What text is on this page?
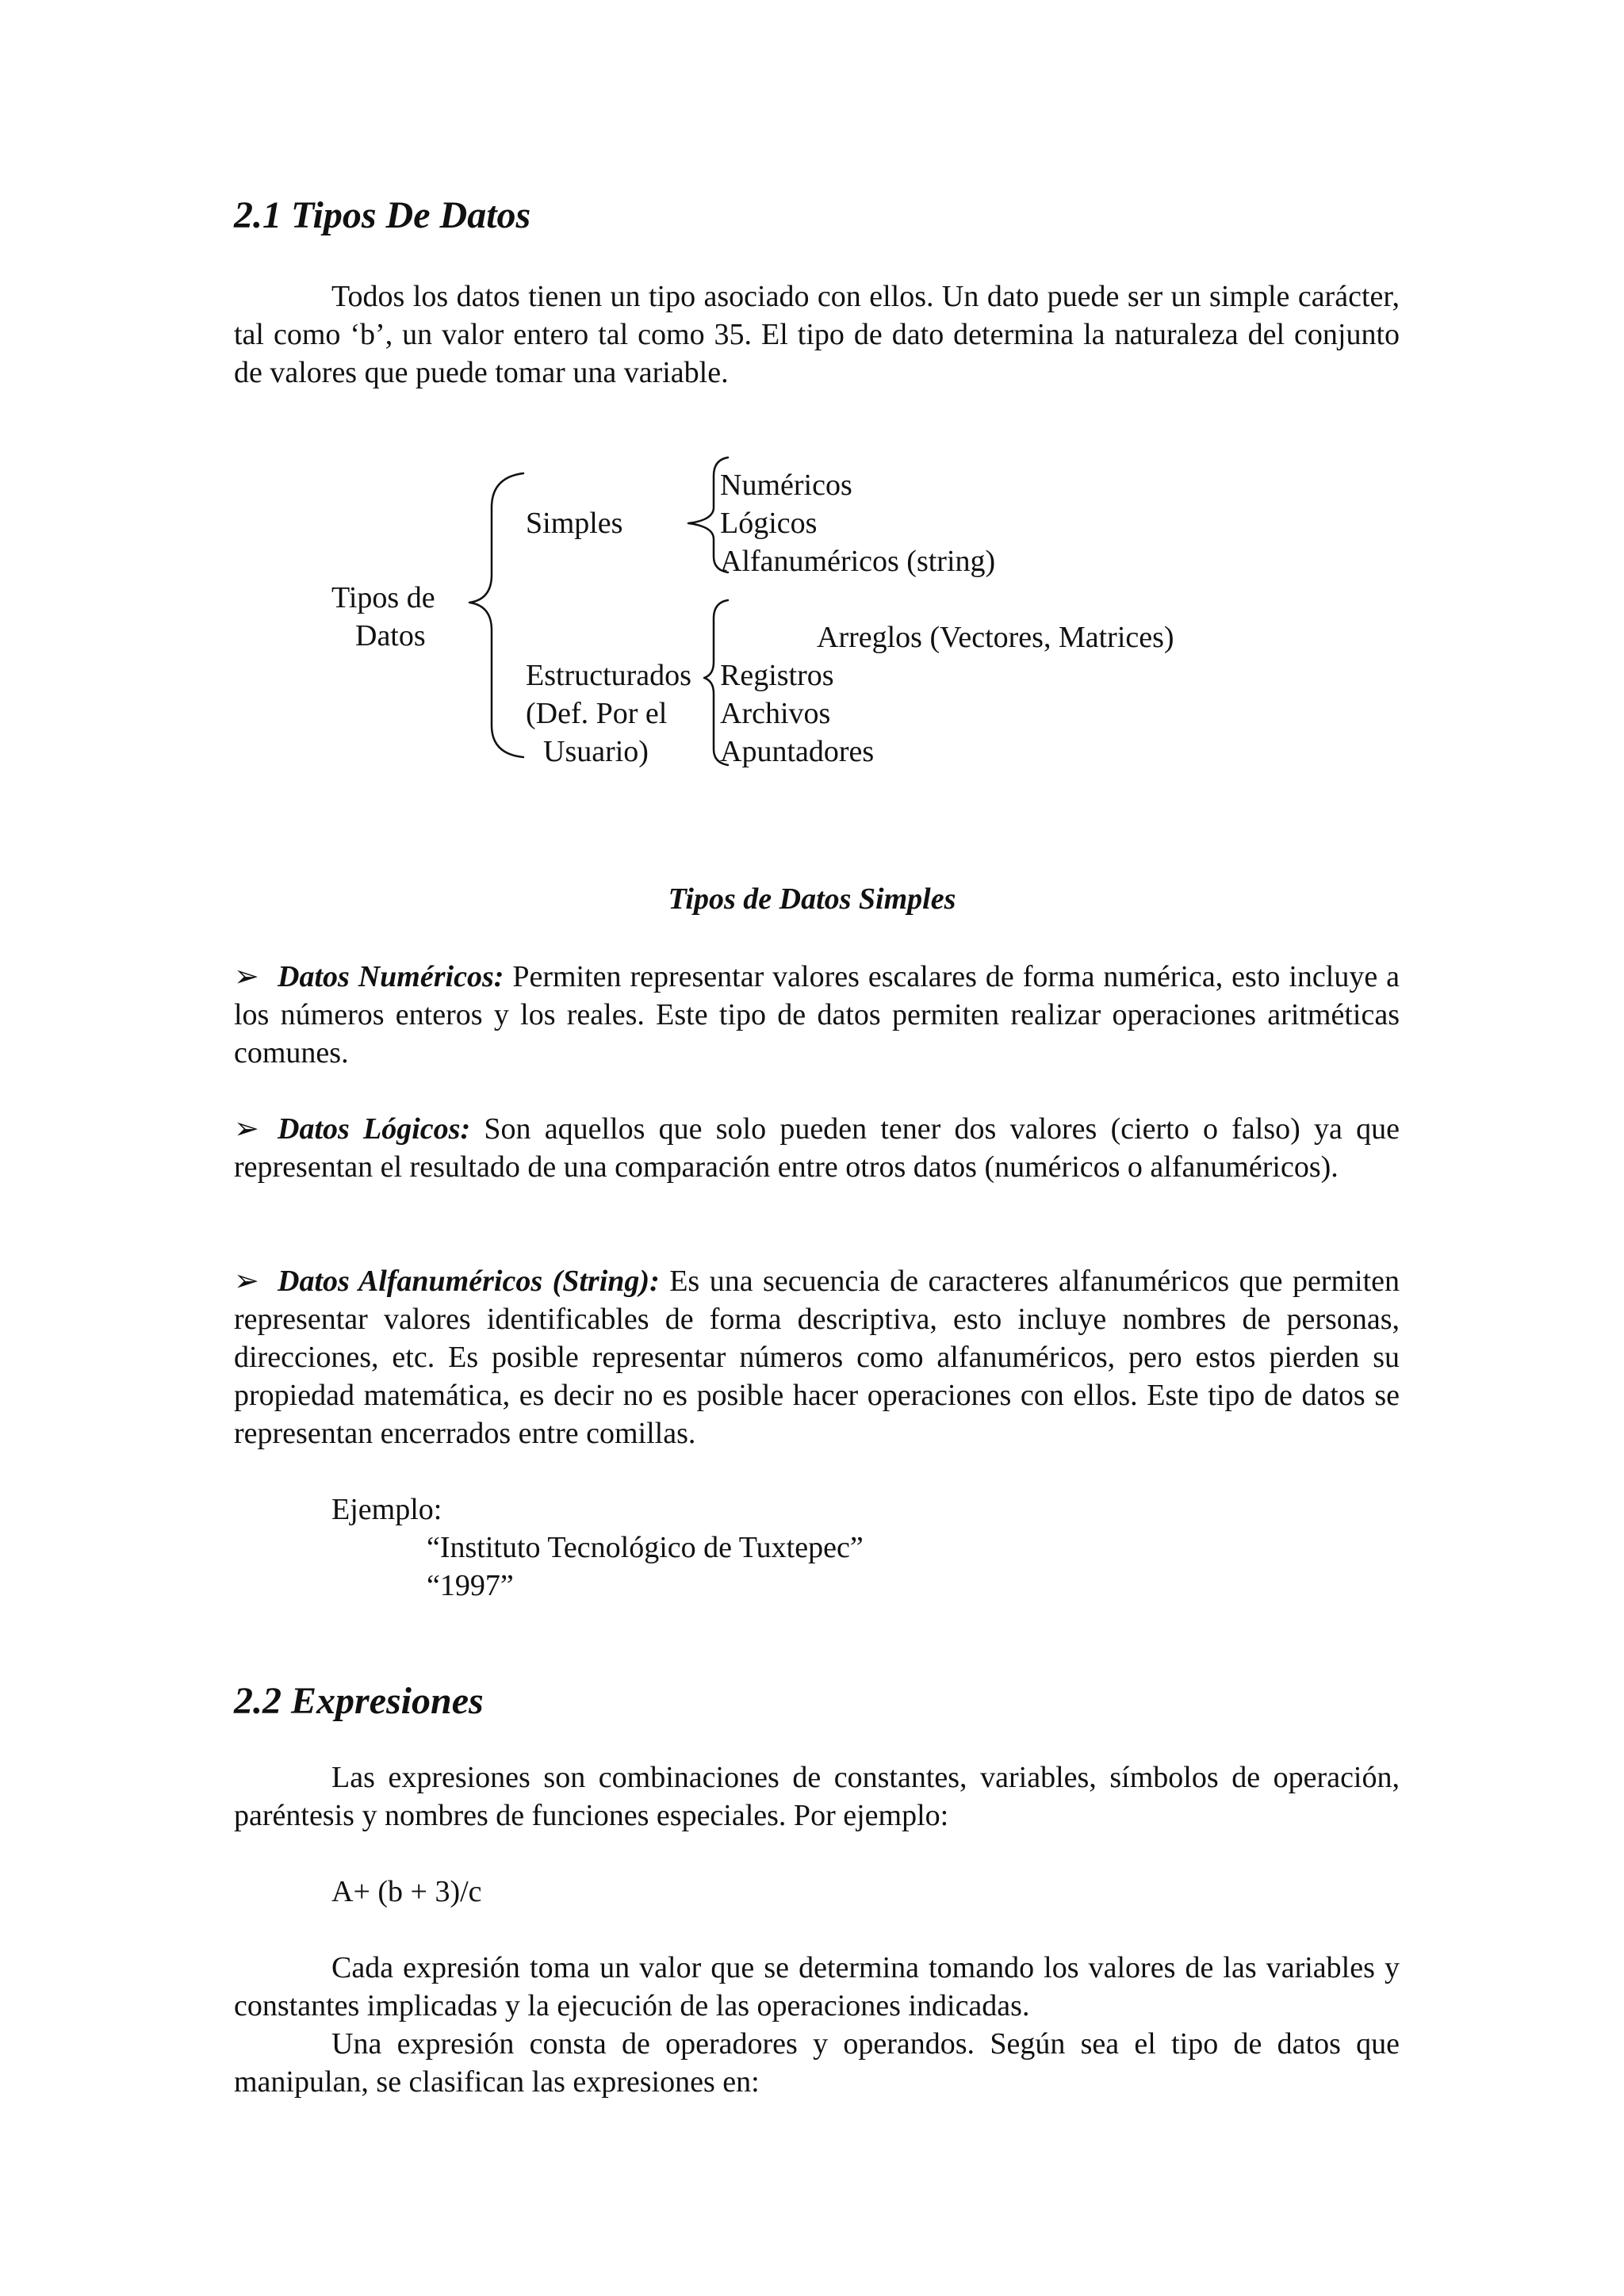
2.1 Tipos De Datos
Todos los datos tienen un tipo asociado con ellos. Un dato puede ser un simple carácter, tal como ‘b’, un valor entero tal como 35. El tipo de dato determina la naturaleza del conjunto de valores que puede tomar una variable.
Tipos de
Datos
Simples
Numéricos
Lógicos
Alfanuméricos (string)
Estructurados
(Def. Por el
Usuario)
Arreglos (Vectores, Matrices)
Registros
Archivos
Apuntadores
Tipos de Datos Simples
➢ Datos Numéricos: Permiten representar valores escalares de forma numérica, esto incluye a los números enteros y los reales. Este tipo de datos permiten realizar operaciones aritméticas comunes.
➢ Datos Lógicos: Son aquellos que solo pueden tener dos valores (cierto o falso) ya que representan el resultado de una comparación entre otros datos (numéricos o alfanuméricos).
➢ Datos Alfanuméricos (String): Es una secuencia de caracteres alfanuméricos que permiten representar valores identificables de forma descriptiva, esto incluye nombres de personas, direcciones, etc. Es posible representar números como alfanuméricos, pero estos pierden su propiedad matemática, es decir no es posible hacer operaciones con ellos. Este tipo de datos se representan encerrados entre comillas.
Ejemplo:
“Instituto Tecnológico de Tuxtepec”
“1997”
2.2 Expresiones
Las expresiones son combinaciones de constantes, variables, símbolos de operación, paréntesis y nombres de funciones especiales. Por ejemplo:
A+ (b + 3)/c
Cada expresión toma un valor que se determina tomando los valores de las variables y constantes implicadas y la ejecución de las operaciones indicadas.
Una expresión consta de operadores y operandos. Según sea el tipo de datos que manipulan, se clasifican las expresiones en:
